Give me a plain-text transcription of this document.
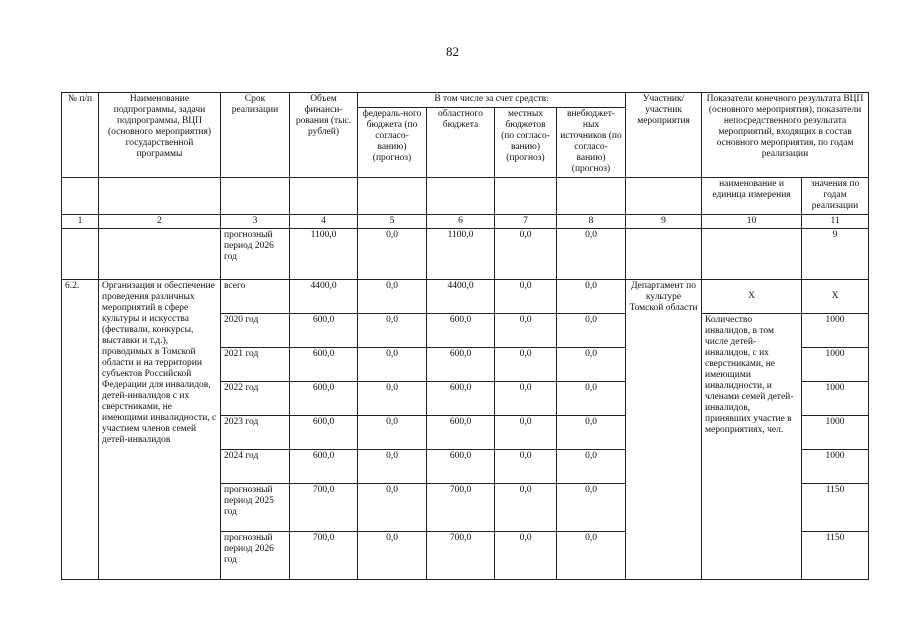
82
№ п/п	Наименование подпрограммы, задачи подпрограммы, ВЦП (основного мероприятия) государственной программы	Срок реализации	Объем финанси-рования (тыс. рублей)	В том числе за счет средств:				Участник/ участник мероприятия	Показатели конечного результата ВЦП (основного мероприятия), показатели непосредственного результата мероприятий, входящих в состав основного мероприятия, по годам реализации	
				федераль-ного бюджета (по согласо-ванию) (прогноз)	областного бюджета	местных бюджетов (по согласо-ванию) (прогноз)	внебюджет-ных источников (по согласо-ванию) (прогноз)			
									наименование и единица измерения	значения по годам реализации
1	2	3	4	5	6	7	8	9	10	11
		прогнозный период 2026 год	1100,0	0,0	1100,0	0,0	0,0			9
6.2.	Организация и обеспечение проведения различных мероприятий в сфере культуры и искусства (фестивали, конкурсы, выставки и т.д.), проводимых в Томской области и на территории субъектов Российской Федерации для инвалидов, детей-инвалидов с их сверстниками, не имеющими инвалидности, с участием членов семей детей-инвалидов	всего	4400,0	0,0	4400,0	0,0	0,0	Департамент по культуре Томской области	Х	Х
		2020 год	600,0	0,0	600,0	0,0	0,0		Количество инвалидов, в том числе детей-инвалидов, с их сверстниками, не имеющими инвалидности, и членами семей детей-инвалидов, принявших участие в мероприятиях, чел.	1000
		2021 год	600,0	0,0	600,0	0,0	0,0			1000
		2022 год	600,0	0,0	600,0	0,0	0,0			1000
		2023 год	600,0	0,0	600,0	0,0	0,0			1000
		2024 год	600,0	0,0	600,0	0,0	0,0			1000
		прогнозный период 2025 год	700,0	0,0	700,0	0,0	0,0			1150
		прогнозный период 2026 год	700,0	0,0	700,0	0,0	0,0			1150
